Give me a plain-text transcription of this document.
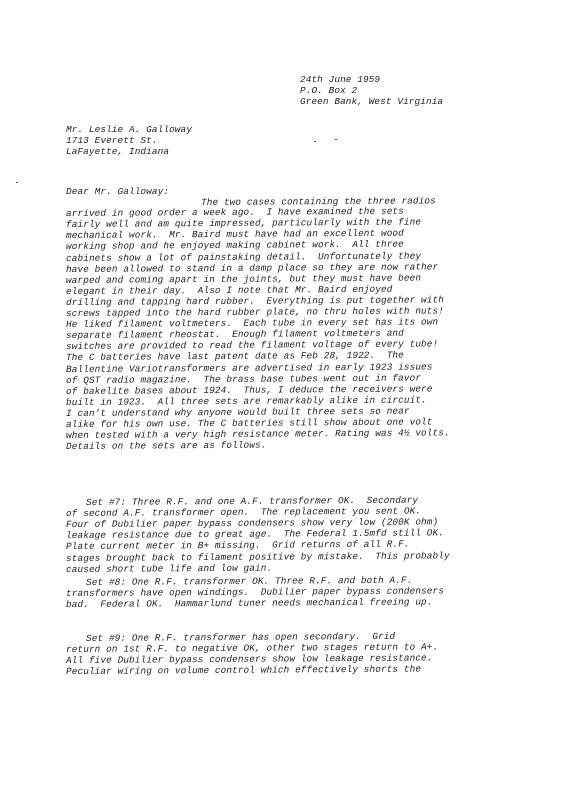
24th June 1959
P.O. Box 2
Green Bank, West Virginia
Mr. Leslie A. Galloway
1713 Everett St.
LaFayette, Indiana
Dear Mr. Galloway:
The two cases containing the three radios
arrived in good order a week ago.  I have examined the sets
fairly well and am quite impressed, particularly with the fine
mechanical work.  Mr. Baird must have had an excellent wood
working shop and he enjoyed making cabinet work.  All three
cabinets show a lot of painstaking detail.  Unfortunately they
have been allowed to stand in a damp place so they are now rather
warped and coming apart in the joints, but they must have been
elegant in their day.  Also I note that Mr. Baird enjoyed
drilling and tapping hard rubber.  Everything is put together with
screws tapped into the hard rubber plate, no thru holes with nuts!
He liked filament voltmeters.  Each tube in every set has its own
separate filament rheostat.  Enough filament voltmeters and
switches are provided to read the filament voltage of every tube!
The C batteries have last patent date as Feb 28, 1922.  The
Ballentine Variotransformers are advertised in early 1923 issues
of QST radio magazine.  The brass base tubes went out in favor
of bakelite bases about 1924.  Thus, I deduce the receivers were
built in 1923.  All three sets are remarkably alike in circuit.
I can't understand why anyone would built three sets so near
alike for his own use. The C batteries still show about one volt
when tested with a very high resistance meter. Rating was 4½ volts.
Details on the sets are as follows.
Set #7: Three R.F. and one A.F. transformer OK.  Secondary
of second A.F. transformer open.  The replacement you sent OK.
Four of Dubilier paper bypass condensers show very low (200K ohm)
leakage resistance due to great age.  The Federal 1.5mfd still OK.
Plate current meter in B+ missing.  Grid returns of all R.F.
stages brought back to filament positive by mistake.  This probably
caused short tube life and low gain.
Set #8: One R.F. transformer OK. Three R.F. and both A.F.
transformers have open windings.  Dubilier paper bypass condensers
bad.  Federal OK.  Hammarlund tuner needs mechanical freeing up.
Set #9: One R.F. transformer has open secondary.  Grid
return on 1st R.F. to negative OK, other two stages return to A+.
All five Dubilier bypass condensers show low leakage resistance.
Peculiar wiring on volume control which effectively shorts the
